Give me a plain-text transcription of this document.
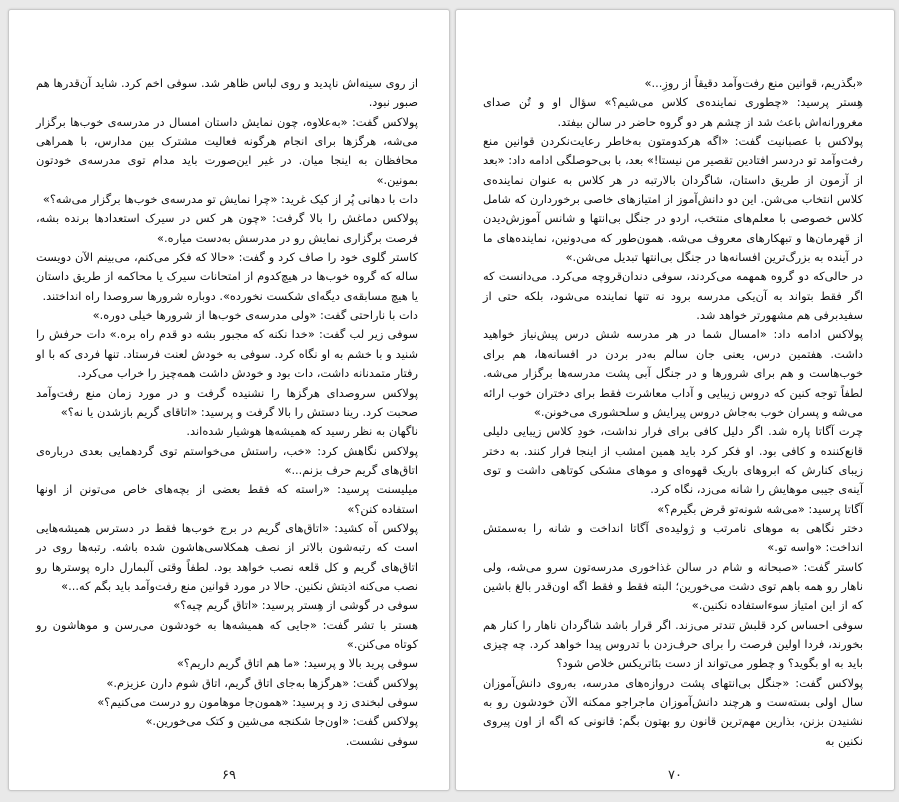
از روی سینه‌اش ناپدید و روی لباس ظاهر شد. سوفی اخم کرد. شاید آن‌قدرها هم صبور نبود.

پولاکس گفت: «به‌علاوه، چون نمایش داستان امسال در مدرسه‌ی خوب‌ها برگزار می‌شه، هرگزها برای انجام هرگونه فعالیت مشترک بین مدارس، با همراهی محافظان به اینجا میان. در غیر این‌صورت باید مدام توی مدرسه‌ی خودتون بمونین.»

دات با دهانی پُر از کیک غرید: «چرا نمایش تو مدرسه‌ی خوب‌ها برگزار می‌شه؟»

پولاکس دماغش را بالا گرفت: «چون هر کس در سیرک استعدادها برنده بشه، فرصت برگزاری نمایش رو در مدرسش به‌دست میاره.»

کاستر گلوی خود را صاف کرد و گفت: «حالا که فکر می‌کنم، می‌بینم الآن دویست ساله که گروه خوب‌ها در هیچ‌کدوم از امتحانات سیرک یا محاکمه از طریق داستان یا هیچ مسابقه‌ی دیگه‌ای شکست نخورده». دوباره شرورها سروصدا راه انداختند.

دات با ناراحتی گفت: «ولی مدرسه‌ی خوب‌ها از شرورها خیلی دوره.»

سوفی زیر لب گفت: «خدا نکنه که مجبور بشه دو قدم راه بره.» دات حرفش را شنید و با خشم به او نگاه کرد. سوفی به خودش لعنت فرستاد. تنها فردی که با او رفتار متمدنانه داشت، دات بود و خودش داشت همه‌چیز را خراب می‌کرد.

پولاکس سروصدای هرگزها را نشنیده گرفت و در مورد زمان منع رفت‌وآمد صحبت کرد. رینا دستش را بالا گرفت و پرسید: «اتاقای گریم بازشدن یا نه؟»

ناگهان به نظر رسید که همیشه‌ها هوشیار شده‌اند.

پولاکس نگاهش کرد: «خب، راستش می‌خواستم توی گردهمایی بعدی درباره‌ی اتاق‌های گریم حرف بزنم...»

میلیسنت پرسید: «راسته که فقط بعضی از بچه‌های خاص می‌تونن از اونها استفاده کنن؟»

پولاکس آه کشید: «اتاق‌های گریم در برج خوب‌ها فقط در دسترس همیشه‌هایی است که رتبه‌شون بالاتر از نصف همکلاسی‌هاشون شده باشه. رتبه‌ها روی در اتاق‌های گریم و کل قلعه نصب خواهد بود. لطفاً وقتی آلبمارل داره پوسترها رو نصب می‌کنه اذیتش نکنین. حالا در مورد قوانین منع رفت‌وآمد باید بگم که...»

سوفی در گوشی از هِستر پرسید: «اتاق گریم چیه؟»

هستر با تشر گفت: «جایی که همیشه‌ها به خودشون می‌رسن و موهاشون رو کوتاه می‌کنن.»

سوفی پرید بالا و پرسید: «ما هم اتاق گریم داریم؟»

پولاکس گفت: «هرگزها به‌جای اتاق گریم، اتاق شوم دارن عزیزم.»

سوفی لبخندی زد و پرسید: «همون‌جا موهامون رو درست می‌کنیم؟»

پولاکس گفت: «اون‌جا شکنجه می‌شین و کتک می‌خورین.»

سوفی نشست.

۶۹

«بگذریم، قوانین منع رفت‌وآمد دقیقاً از روزِ...»

هِستر پرسید: «چطوری نماینده‌ی کلاس می‌شیم؟» سؤال او و تُن صدای مغرورانه‌اش باعث شد از چشم هر دو گروه حاضر در سالن بیفتد.

پولاکس با عصبانیت گفت: «اگه هرکدومتون به‌خاطر رعایت‌نکردن قوانین منع رفت‌وآمد تو دردسر افتادین تقصیر من نیستا!» بعد، با بی‌حوصلگی ادامه داد: «بعد از آزمون از طریق داستان، شاگردان بالارتبه در هر کلاس به عنوان نماینده‌ی کلاس انتخاب می‌شن. این دو دانش‌آموز از امتیازهای خاصی برخوردارن که شامل کلاس خصوصی با معلم‌های منتخب، اردو در جنگل بی‌انتها و شانس آموزش‌دیدن از قهرمان‌ها و تبهکارهای معروف می‌شه. همون‌طور که می‌دونین، نماینده‌های ما در آینده به بزرگ‌ترین افسانه‌ها در جنگل بی‌انتها تبدیل می‌شن.»

در حالی‌که دو گروه همهمه می‌کردند، سوفی دندان‌قروچه می‌کرد. می‌دانست که اگر فقط بتواند به آن‌یکی مدرسه برود نه تنها نماینده می‌شود، بلکه حتی از سفیدبرفی هم مشهورتر خواهد شد.

پولاکس ادامه داد: «امسال شما در هر مدرسه شش درس پیش‌نیاز خواهید داشت. هفتمین درس، یعنی جان سالم به‌در بردن در افسانه‌ها، هم برای خوب‌هاست و هم برای شرورها و در جنگل آبی پشت مدرسه‌ها برگزار می‌شه. لطفاً توجه کنین که دروس زیبایی و آداب معاشرت فقط برای دختران خوب ارائه می‌شه و پسران خوب به‌جاش دروس پیرایش و سلحشوری می‌خونن.»

چرت آگاتا پاره شد. اگر دلیل کافی برای فرار نداشت، خودِ کلاس زیبایی دلیلی قانع‌کننده و کافی بود. او فکر کرد باید همین امشب از اینجا فرار کنند. به دختر زیبای کنارش که ابروهای باریک قهوه‌ای و موهای مشکی کوتاهی داشت و توی آینه‌ی جیبی موهایش را شانه می‌زد، نگاه کرد.

آگاتا پرسید: «می‌شه شونه‌تو قرض بگیرم؟»

دختر نگاهی به موهای نامرتب و ژولیده‌ی آگاتا انداخت و شانه را به‌سمتش انداخت: «واسه تو.»

کاستر گفت: «صبحانه و شام در سالن غذاخوری مدرسه‌تون سرو می‌شه، ولی ناهار رو همه باهم توی دشت می‌خورین؛ البته فقط و فقط اگه اون‌قدر بالغ باشین که از این امتیاز سوءاستفاده نکنین.»

سوفی احساس کرد قلبش تندتر می‌زند. اگر قرار باشد شاگردان ناهار را کنار هم بخورند، فردا اولین فرصت را برای حرف‌زدن با تدروس پیدا خواهد کرد. چه چیزی باید به او بگوید؟ و چطور می‌تواند از دست بئاتریکس خلاص شود؟

پولاکس گفت: «جنگل بی‌انتهای پشت دروازه‌های مدرسه، به‌روی دانش‌آموزان سال اولی بسته‌ست و هرچند دانش‌آموزان ماجراجو ممکنه الآن خودشون رو به نشنیدن بزنن، بذارین مهم‌ترین قانون رو بهتون بگم: قانونی که اگه از اون پیروی نکنین به

۷۰
